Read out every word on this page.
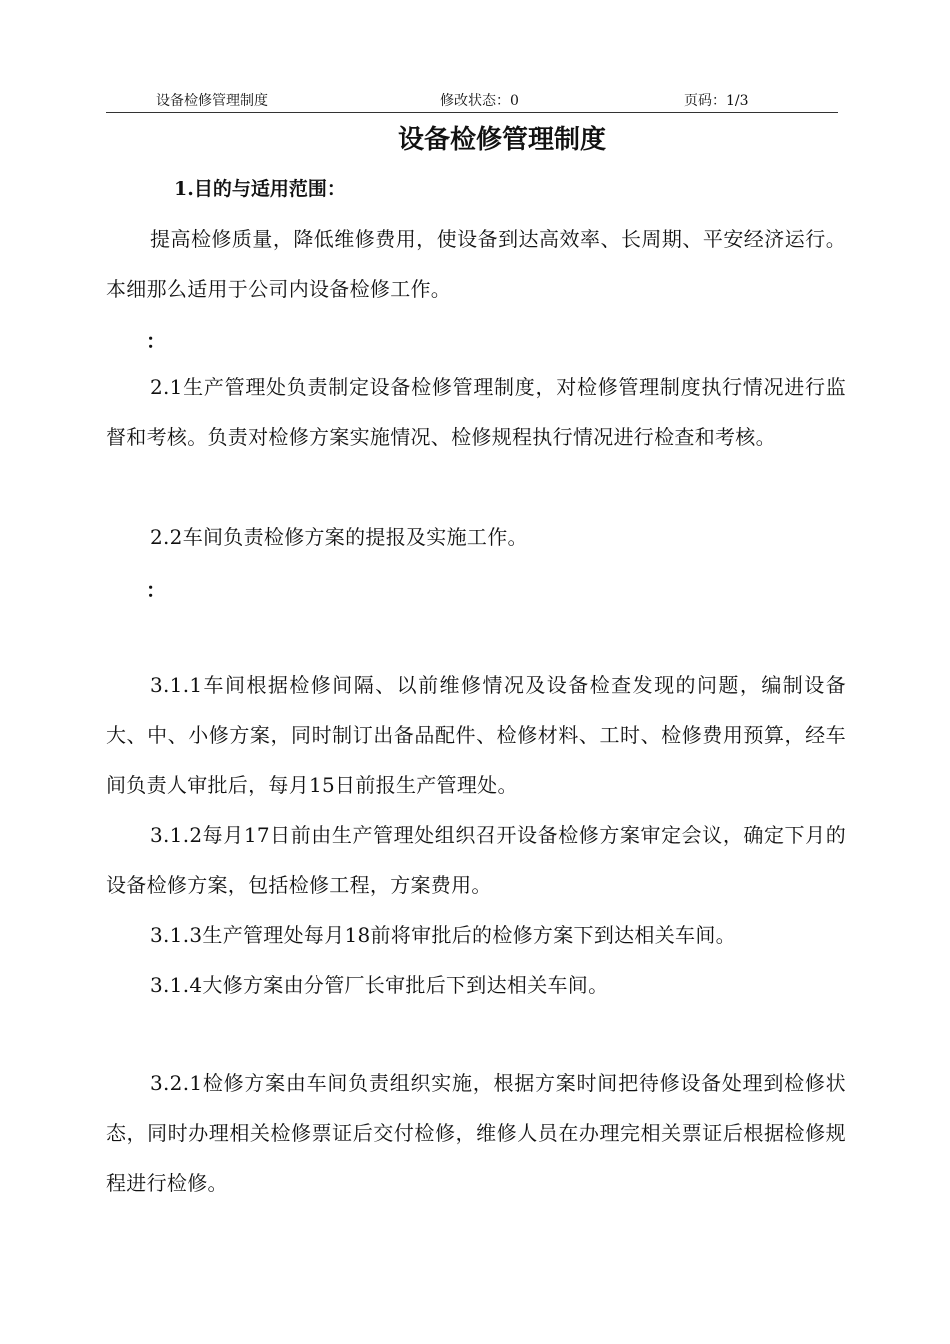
设备检修管理制度	修改状态：0	页码：1/3
设备检修管理制度
1.目的与适用范围：

提高检修质量，降低维修费用，使设备到达高效率、长周期、平安经济运行。本细那么适用于公司内设备检修工作。

：

2.1生产管理处负责制定设备检修管理制度，对检修管理制度执行情况进行监督和考核。负责对检修方案实施情况、检修规程执行情况进行检查和考核。

2.2车间负责检修方案的提报及实施工作。

：

3.1.1车间根据检修间隔、以前维修情况及设备检查发现的问题，编制设备大、中、小修方案，同时制订出备品配件、检修材料、工时、检修费用预算，经车间负责人审批后，每月15日前报生产管理处。

3.1.2每月17日前由生产管理处组织召开设备检修方案审定会议，确定下月的设备检修方案，包括检修工程，方案费用。

3.1.3生产管理处每月18前将审批后的检修方案下到达相关车间。

3.1.4大修方案由分管厂长审批后下到达相关车间。

3.2.1检修方案由车间负责组织实施，根据方案时间把待修设备处理到检修状态，同时办理相关检修票证后交付检修，维修人员在办理完相关票证后根据检修规程进行检修。
